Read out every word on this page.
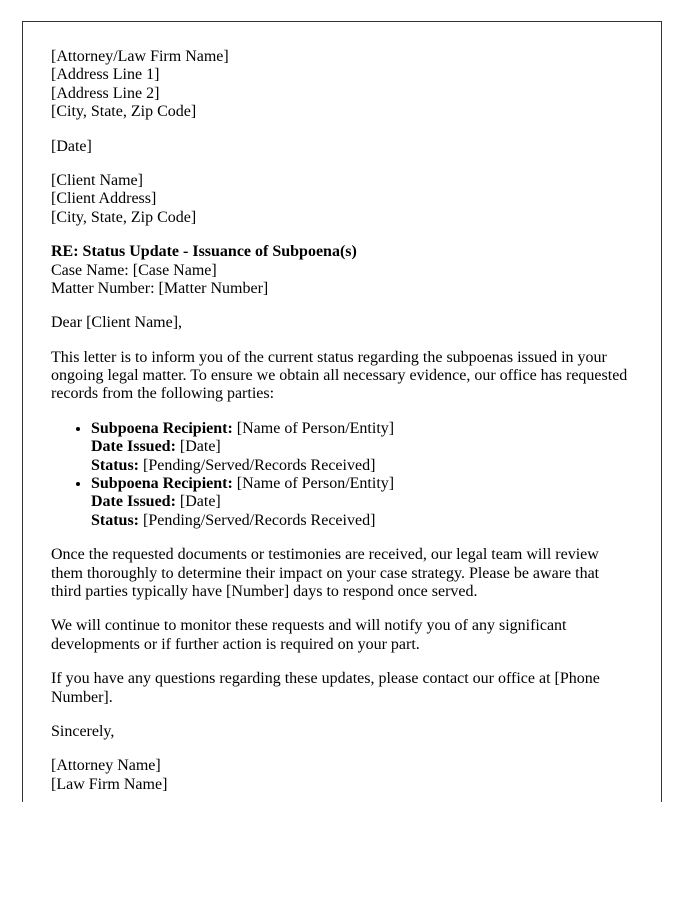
[Attorney/Law Firm Name]
[Address Line 1]
[Address Line 2]
[City, State, Zip Code]
[Date]
[Client Name]
[Client Address]
[City, State, Zip Code]
RE: Status Update - Issuance of Subpoena(s)
Case Name: [Case Name]
Matter Number: [Matter Number]
Dear [Client Name],
This letter is to inform you of the current status regarding the subpoenas issued in your ongoing legal matter. To ensure we obtain all necessary evidence, our office has requested records from the following parties:
• Subpoena Recipient: [Name of Person/Entity]
Date Issued: [Date]
Status: [Pending/Served/Records Received]
• Subpoena Recipient: [Name of Person/Entity]
Date Issued: [Date]
Status: [Pending/Served/Records Received]
Once the requested documents or testimonies are received, our legal team will review them thoroughly to determine their impact on your case strategy. Please be aware that third parties typically have [Number] days to respond once served.
We will continue to monitor these requests and will notify you of any significant developments or if further action is required on your part.
If you have any questions regarding these updates, please contact our office at [Phone Number].
Sincerely,
[Attorney Name]
[Law Firm Name]
